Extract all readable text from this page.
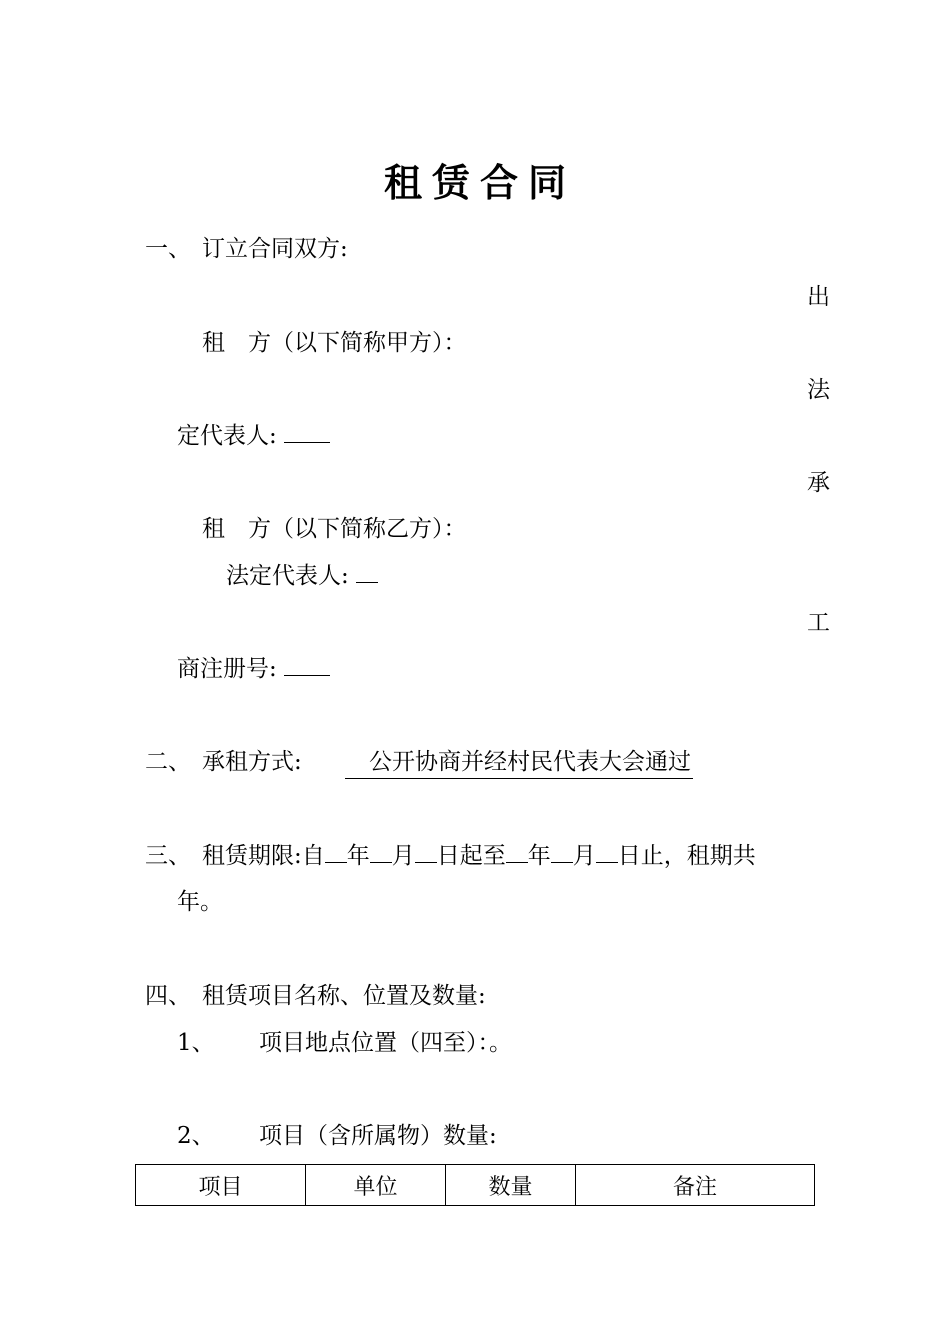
租赁合同
一、 订立合同双方:
出
租　方（以下简称甲方）：
法
定代表人:
承
租　方（以下简称乙方）：
法定代表人:
工
商注册号:
二、 承租方式:	公开协商并经村民代表大会通过
三、 租赁期限:自 年 月 日起至 年 月 日止，租期共
年。
四、 租赁项目名称、位置及数量:
1、 项目地点位置（四至）：。
2、 项目（含所属物）数量:
项目	单位	数量	备注
